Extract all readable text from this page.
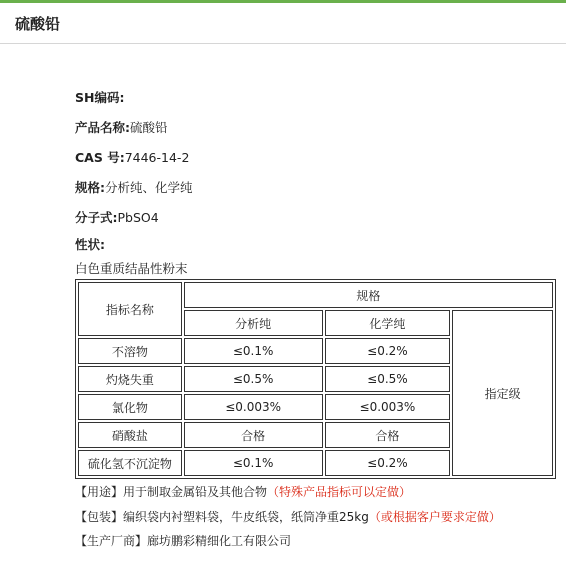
硫酸铅
SH编码:
产品名称:硫酸铅
CAS 号:7446-14-2
规格:分析纯、化学纯
分子式:PbSO4
性状:
白色重质结晶性粉末
指标名称	规格		
	分析纯	化学纯	指定级
不溶物	≤0.1%	≤0.2%	
灼烧失重	≤0.5%	≤0.5%	
氯化物	≤0.003%	≤0.003%	
硝酸盐	合格	合格	
硫化氢不沉淀物	≤0.1%	≤0.2%	
【用途】用于制取金属铅及其他合物（特殊产品指标可以定做）
【包装】编织袋内衬塑料袋，牛皮纸袋，纸筒净重25kg（或根据客户要求定做）
【生产厂商】廊坊鹏彩精细化工有限公司
